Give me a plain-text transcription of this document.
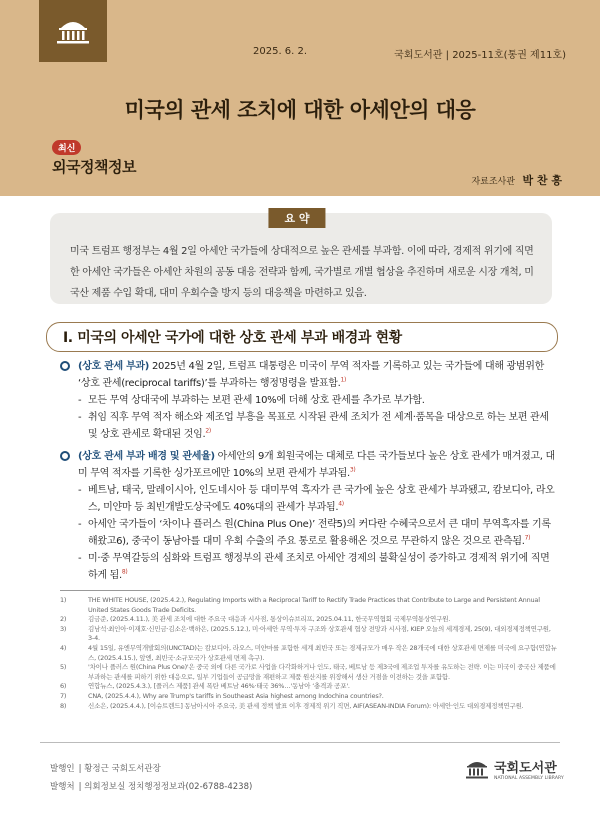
2025. 6. 2.	국회도서관 | 2025-11호(통권 제11호)
미국의 관세 조치에 대한 아세안의 대응
최신
외국정책정보
자료조사관 박 찬 흥
요 약
미국 트럼프 행정부는 4월 2일 아세안 국가들에 상대적으로 높은 관세를 부과함. 이에 따라, 경제적 위기에 직면한 아세안 국가들은 아세안 차원의 공동 대응 전략과 함께, 국가별로 개별 협상을 추진하며 새로운 시장 개척, 미국산 제품 수입 확대, 대미 우회수출 방지 등의 대응책을 마련하고 있음.
Ⅰ. 미국의 아세안 국가에 대한 상호 관세 부과 배경과 현황
(상호 관세 부과) 2025년 4월 2일, 트럼프 대통령은 미국이 무역 적자를 기록하고 있는 국가들에 대해 광범위한 ‘상호 관세(reciprocal tariffs)’를 부과하는 행정명령을 발표함.$^{1)}$
- 모든 무역 상대국에 부과하는 보편 관세 10%에 더해 상호 관세를 추가로 부가함.
- 취임 직후 무역 적자 해소와 제조업 부흥을 목표로 시작된 관세 조치가 전 세계·품목을 대상으로 하는 보편 관세 및 상호 관세로 확대된 것임.$^{2)}$
(상호 관세 부과 배경 및 관세율) 아세안의 9개 회원국에는 대체로 다른 국가들보다 높은 상호 관세가 매겨졌고, 대미 무역 적자를 기록한 싱가포르에만 10%의 보편 관세가 부과됨.$^{3)}$
- 베트남, 태국, 말레이시아, 인도네시아 등 대미무역 흑자가 큰 국가에 높은 상호 관세가 부과됐고, 캄보디아, 라오스, 미얀마 등 최빈개발도상국에도 40%대의 관세가 부과됨.$^{4)}$
- 아세안 국가들이 ‘차이나 플러스 원(China Plus One)’ 전략5)의 커다란 수혜국으로서 큰 대미 무역흑자를 기록해왔고6), 중국이 동남아를 대미 우회 수출의 주요 통로로 활용해온 것으로 무관하지 않은 것으로 관측됨.$^{7)}$
- 미·중 무역갈등의 심화와 트럼프 행정부의 관세 조치로 아세안 경제의 불확실성이 증가하고 경제적 위기에 직면하게 됨.$^{8)}$
1)	THE WHITE HOUSE, (2025.4.2.), Regulating Imports with a Reciprocal Tariff to Rectify Trade Practices that Contribute to Large and Persistent Annual United States Goods Trade Deficits.
2)	김금준, (2025.4.11.), 美 관세 조치에 대한 주요국 대응과 시사점, 통상이슈브리프, 2025.04.11, 한국무역협회 국제무역통상연구원.
3)	김남석·최인아·이재호·신민금·김소은·백하은, (2025.5.12.), 미·아세안 무역·투자 구조와 상호관세 협상 전망과 시사점, KIEP 오늘의 세계경제, 25(9), 대외경제정책연구원, 3-4.
4)	4월 15일, 유엔무역개발회의(UNCTAD)는 캄보디아, 라오스, 미얀마를 포함한 세계 최빈국 또는 경제규모가 매우 작은 28개국에 대한 상호관세 면제를 미국에 요구함(연합뉴스, (2025.4.15.), 앞엔, 최빈국·소규모국가 상호관세 면제 촉구).
5)	'차이나 플러스 원(China Plus One)'은 중국 외에 다른 국가로 사업을 다각화하거나 인도, 태국, 베트남 등 제3국에 제조업 투자를 유도하는 전략. 이는 미국이 중국산 제품에 부과하는 관세를 피하기 위한 대응으로, 일부 기업들이 공급망을 재편하고 제품 원산지를 위장해서 생산 거점을 이전하는 것을 포함함.
6)	연합뉴스, (2025.4.3.), [플러스 제품] 관세 폭탄 베트남 46%·태국 36%…'동남아 ‘충격과 공포'.
7)	CNA, (2025.4.4.), Why are Trump's tariffs in Southeast Asia highest among Indochina countries?.
8)	신소은, (2025.4.4.), [이슈트렌드] 동남아시아 주요국, 美 관세 정책 발표 이후 경제적 위기 직면, AIF(ASEAN-INDIA Forum): 아세안·인도 대외경제정책연구원.
발행인 | 황정근 국회도서관장
발행처 | 의회정보실 정치행정정보과(02-6788-4238)
국회도서관
NATIONAL ASSEMBLY LIBRARY
